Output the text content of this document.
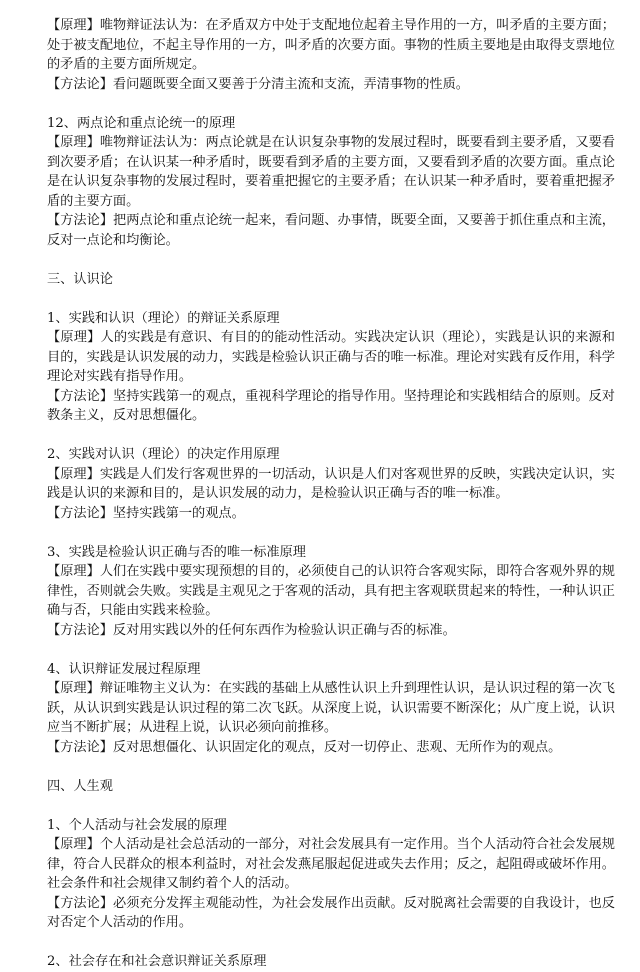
【原理】唯物辩证法认为：在矛盾双方中处于支配地位起着主导作用的一方，叫矛盾的主要方面；处于被支配地位，不起主导作用的一方，叫矛盾的次要方面。事物的性质主要地是由取得支票地位的矛盾的主要方面所规定。

【方法论】看问题既要全面又要善于分清主流和支流，弄清事物的性质。

12、两点论和重点论统一的原理

【原理】唯物辩证法认为：两点论就是在认识复杂事物的发展过程时，既要看到主要矛盾，又要看到次要矛盾；在认识某一种矛盾时，既要看到矛盾的主要方面，又要看到矛盾的次要方面。重点论是在认识复杂事物的发展过程时，要着重把握它的主要矛盾；在认识某一种矛盾时，要着重把握矛盾的主要方面。

【方法论】把两点论和重点论统一起来，看问题、办事情，既要全面，又要善于抓住重点和主流，反对一点论和均衡论。

三、认识论

1、实践和认识（理论）的辩证关系原理

【原理】人的实践是有意识、有目的的能动性活动。实践决定认识（理论），实践是认识的来源和目的，实践是认识发展的动力，实践是检验认识正确与否的唯一标准。理论对实践有反作用，科学理论对实践有指导作用。

【方法论】坚持实践第一的观点，重视科学理论的指导作用。坚持理论和实践相结合的原则。反对教条主义，反对思想僵化。

2、实践对认识（理论）的决定作用原理

【原理】实践是人们发行客观世界的一切活动，认识是人们对客观世界的反映，实践决定认识，实践是认识的来源和目的，是认识发展的动力，是检验认识正确与否的唯一标准。

【方法论】坚持实践第一的观点。

3、实践是检验认识正确与否的唯一标准原理

【原理】人们在实践中要实现预想的目的，必须使自己的认识符合客观实际，即符合客观外界的规律性，否则就会失败。实践是主观见之于客观的活动，具有把主客观联贯起来的特性，一种认识正确与否，只能由实践来检验。

【方法论】反对用实践以外的任何东西作为检验认识正确与否的标准。

4、认识辩证发展过程原理

【原理】辩证唯物主义认为：在实践的基础上从感性认识上升到理性认识，是认识过程的第一次飞跃，从认识到实践是认识过程的第二次飞跃。从深度上说，认识需要不断深化；从广度上说，认识应当不断扩展；从进程上说，认识必须向前推移。

【方法论】反对思想僵化、认识固定化的观点，反对一切停止、悲观、无所作为的观点。

四、人生观

1、个人活动与社会发展的原理

【原理】个人活动是社会总活动的一部分，对社会发展具有一定作用。当个人活动符合社会发展规律，符合人民群众的根本利益时，对社会发燕尾服起促进或失去作用；反之，起阻碍或破坏作用。社会条件和社会规律又制约着个人的活动。

【方法论】必须充分发挥主观能动性，为社会发展作出贡献。反对脱离社会需要的自我设计，也反对否定个人活动的作用。

2、社会存在和社会意识辩证关系原理
